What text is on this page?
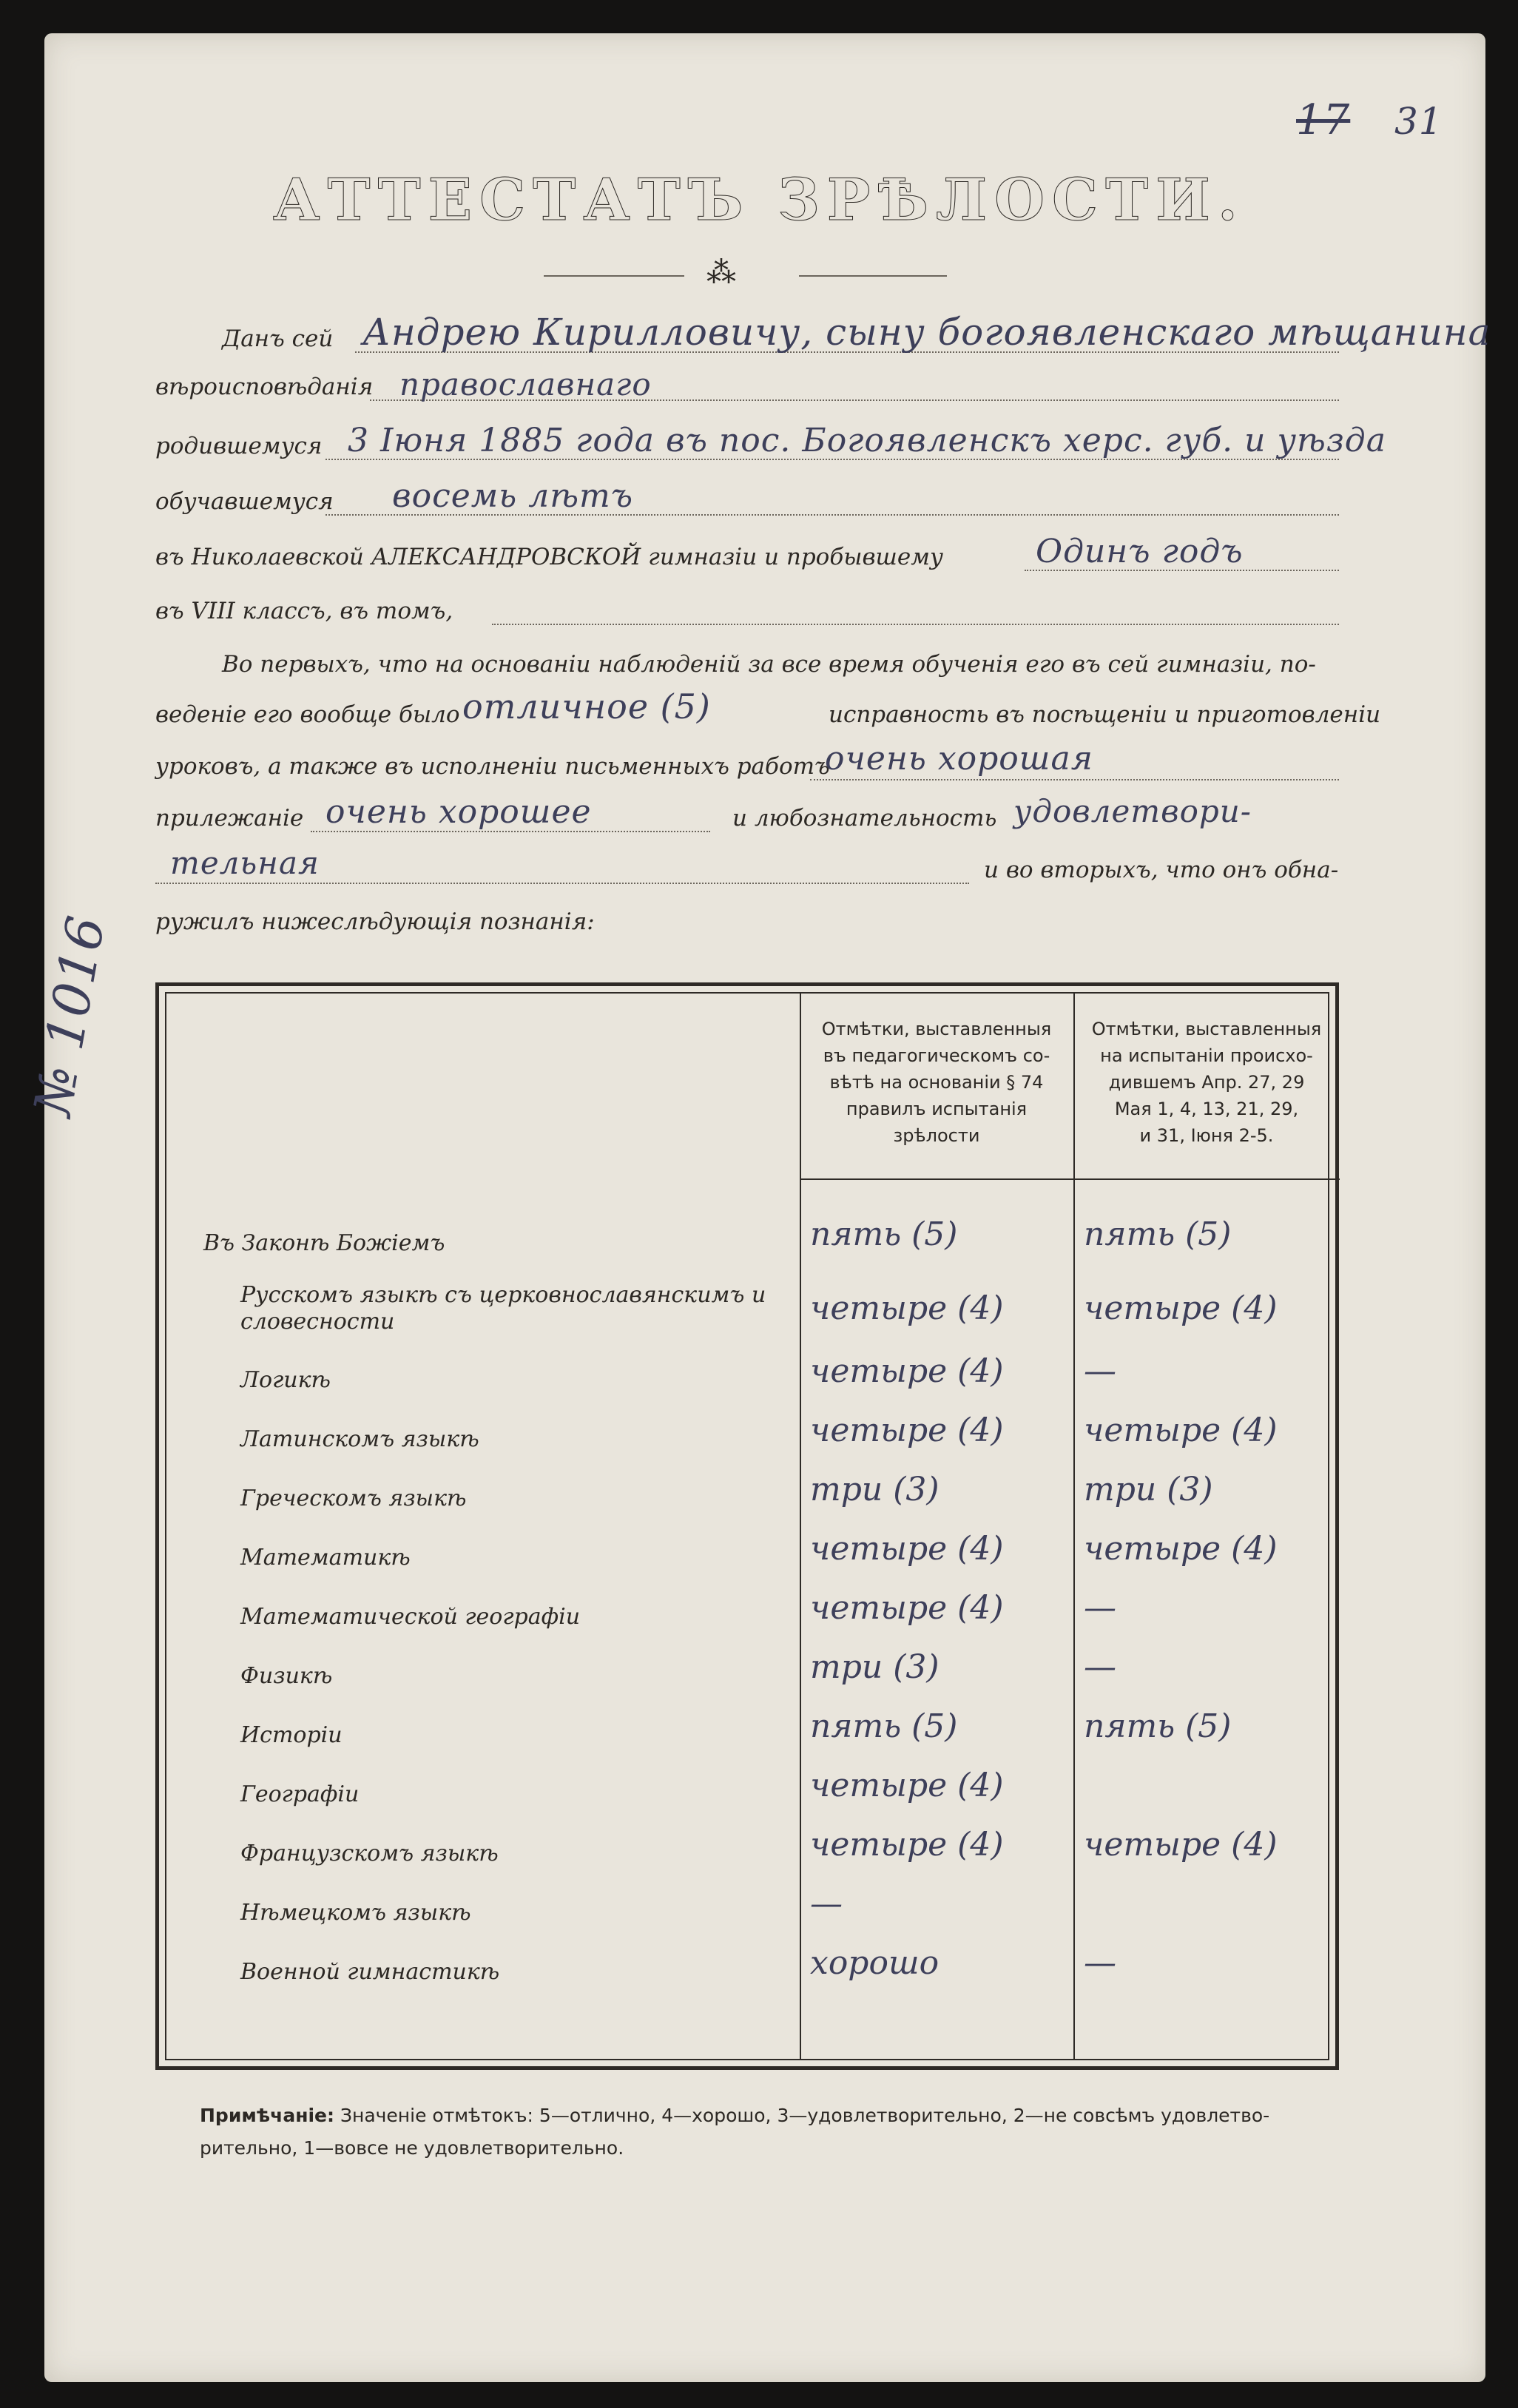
17 31
АТТЕСТАТЪ ЗРѢЛОСТИ.
⁂
Данъ сей Андрею Кирилловичу, сыну богоявленскаго мѣщанина
вѣроисповѣданія православнаго
родившемуся 3 Іюня 1885 года въ пос. Богоявленскъ херс. губ. и уѣзда
обучавшемуся восемь лѣтъ
въ Николаевской АЛЕКСАНДРОВСКОЙ гимназіи и пробывшему	Одинъ годъ
въ VIII классъ, въ томъ,
Во первыхъ, что на основаніи наблюденій за все время обученія его въ сей гимназіи, по-
веденіе его вообще было отличное (5)	исправность въ посѣщеніи и приготовленіи
уроковъ, а также въ исполненіи письменныхъ работъ
очень хорошая
прилежаніе очень хорошее	и любознательность удовлетвори-
тельная	и во вторыхъ, что онъ обна-
ружилъ нижеслѣдующія познанія:
№ 1016	Отмѣтки, выставленныя
въ педагогическомъ со-
вѣтѣ на основаніи § 74
правилъ испытанія
зрѣлости
Отмѣтки, выставленныя
на испытаніи происхо-
дившемъ Апр. 27, 29
Мая 1, 4, 13, 21, 29,
и 31, Іюня 2-5.
Въ Законѣ Божіемъ	пять (5)	пять (5)
Русскомъ языкѣ съ церковнославянскимъ и словесности	четыре (4) четыре (4)
Логикѣ	четыре (4) —
Латинскомъ языкѣ	четыре (4) четыре (4)
Греческомъ языкѣ	три (3)	три (3)
Математикѣ	четыре (4) четыре (4)
Математической географіи	четыре (4) —
Физикѣ	три (3)	—
Исторіи	пять (5)	пять (5)
Географіи	четыре (4)
Французскомъ языкѣ	четыре (4) четыре (4)
Нѣмецкомъ языкѣ	—
Военной гимнастикѣ	хорошо	—
Примѣчаніе: Значеніе отмѣтокъ: 5—отлично, 4—хорошо, 3—удовлетворительно, 2—не совсѣмъ удовлетво-
рительно, 1—вовсе не удовлетворительно.
